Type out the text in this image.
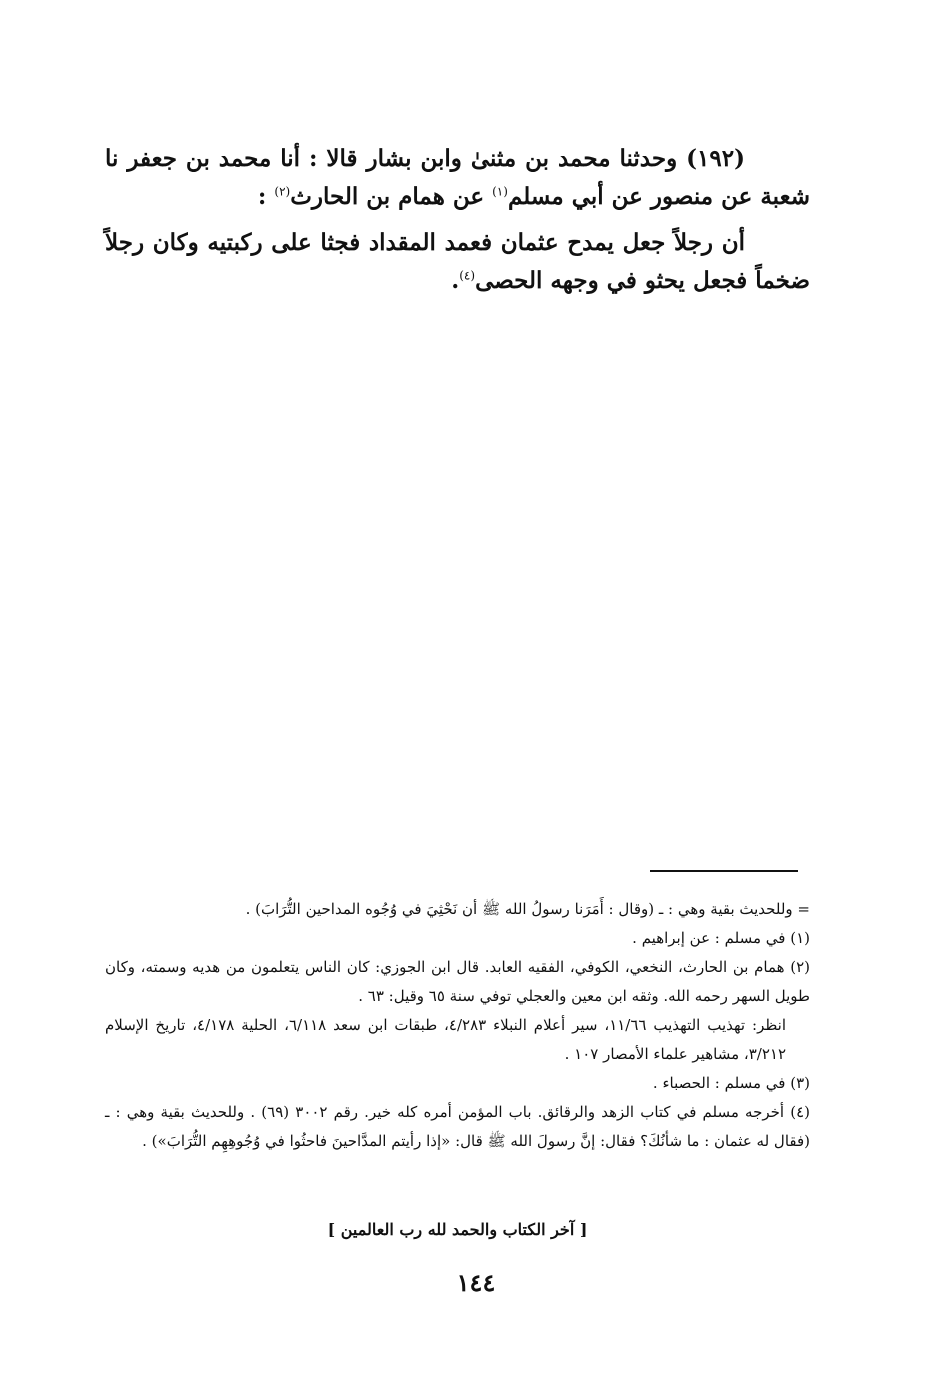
(١٩٢) وحدثنا محمد بن مثنىٰ وابن بشار قالا : أنا محمد بن جعفر نا شعبة عن منصور عن أبي مسلم$^{(١)}$ عن همام بن الحارث$^{(٢)}$ :

أن رجلاً جعل يمدح عثمان فعمد المقداد فجثا على ركبتيه وكان رجلاً ضخماً فجعل يحثو في وجهه الحصى$^{(٤)}$.

= وللحديث بقية وهي : ـ (وقال : أَمَرَنا رسولُ الله ﷺ أن نَحْثِيَ في وُجُوه المداحين التُّرَابَ) .

(١) في مسلم : عن إبراهيم .

(٢) همام بن الحارث، النخعي، الكوفي، الفقيه العابد. قال ابن الجوزي: كان الناس يتعلمون من هديه وسمته، وكان طويل السهر رحمه الله. وثقه ابن معين والعجلي توفي سنة ٦٥ وقيل: ٦٣ .

انظر: تهذيب التهذيب ١١/٦٦، سير أعلام النبلاء ٤/٢٨٣، طبقات ابن سعد ٦/١١٨، الحلية ٤/١٧٨، تاريخ الإسلام ٣/٢١٢، مشاهير علماء الأمصار ١٠٧ .

(٣) في مسلم : الحصباء .

(٤) أخرجه مسلم في كتاب الزهد والرقائق. باب المؤمن أمره كله خير. رقم ٣٠٠٢ (٦٩) . وللحديث بقية وهي : ـ (فقال له عثمان : ما شأنُكَ؟ فقال: إنَّ رسولَ الله ﷺ قال: «إذا رأيتم المدَّاحينَ فاحثُوا في وُجُوهِهِم التُّرَابَ») .

[ آخر الكتاب والحمد لله رب العالمين ]
١٤٤
